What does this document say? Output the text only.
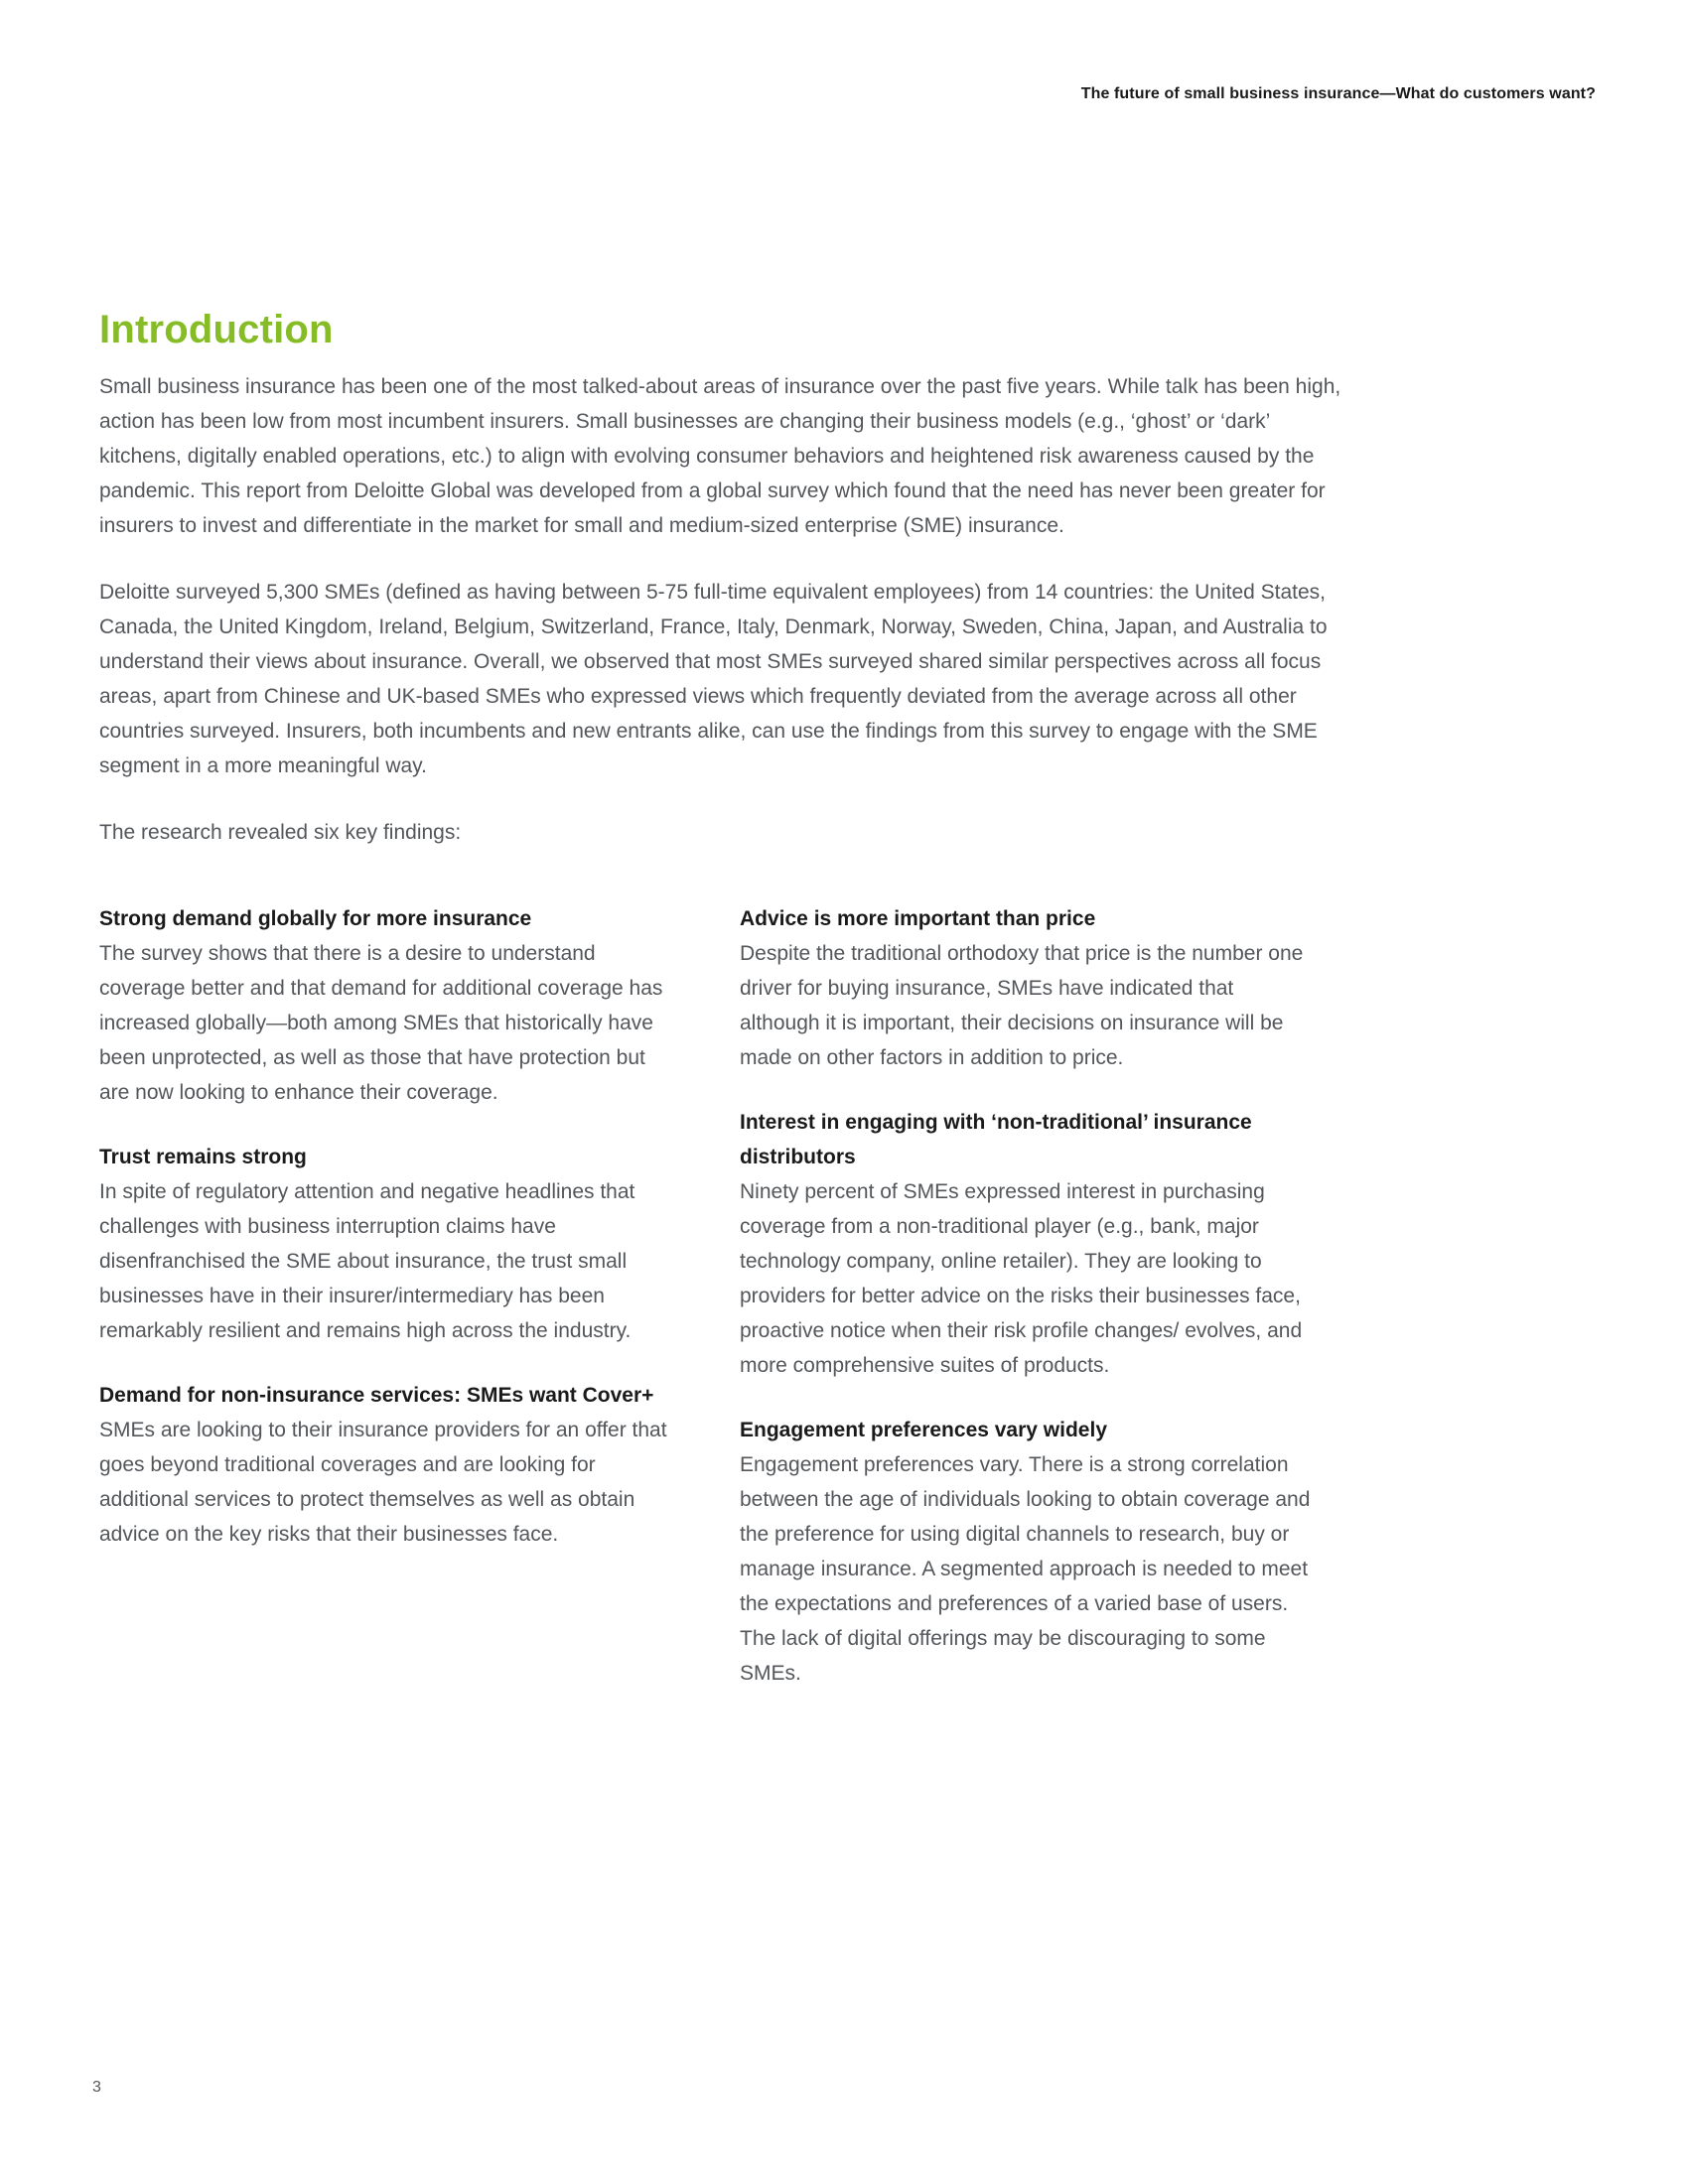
The future of small business insurance—What do customers want?
Introduction

Small business insurance has been one of the most talked-about areas of insurance over the past five years. While talk has been high, action has been low from most incumbent insurers. Small businesses are changing their business models (e.g., ‘ghost’ or ‘dark’ kitchens, digitally enabled operations, etc.) to align with evolving consumer behaviors and heightened risk awareness caused by the pandemic. This report from Deloitte Global was developed from a global survey which found that the need has never been greater for insurers to invest and differentiate in the market for small and medium-sized enterprise (SME) insurance.

Deloitte surveyed 5,300 SMEs (defined as having between 5-75 full-time equivalent employees) from 14 countries: the United States, Canada, the United Kingdom, Ireland, Belgium, Switzerland, France, Italy, Denmark, Norway, Sweden, China, Japan, and Australia to understand their views about insurance. Overall, we observed that most SMEs surveyed shared similar perspectives across all focus areas, apart from Chinese and UK-based SMEs who expressed views which frequently deviated from the average across all other countries surveyed. Insurers, both incumbents and new entrants alike, can use the findings from this survey to engage with the SME segment in a more meaningful way.

The research revealed six key findings:

Strong demand globally for more insurance

The survey shows that there is a desire to understand coverage better and that demand for additional coverage has increased globally—both among SMEs that historically have been unprotected, as well as those that have protection but are now looking to enhance their coverage.

Trust remains strong

In spite of regulatory attention and negative headlines that challenges with business interruption claims have disenfranchised the SME about insurance, the trust small businesses have in their insurer/intermediary has been remarkably resilient and remains high across the industry.

Demand for non-insurance services: SMEs want Cover+

SMEs are looking to their insurance providers for an offer that goes beyond traditional coverages and are looking for additional services to protect themselves as well as obtain advice on the key risks that their businesses face.

Advice is more important than price

Despite the traditional orthodoxy that price is the number one driver for buying insurance, SMEs have indicated that although it is important, their decisions on insurance will be made on other factors in addition to price.

Interest in engaging with ‘non-traditional’ insurance distributors

Ninety percent of SMEs expressed interest in purchasing coverage from a non-traditional player (e.g., bank, major technology company, online retailer). They are looking to providers for better advice on the risks their businesses face, proactive notice when their risk profile changes/ evolves, and more comprehensive suites of products.

Engagement preferences vary widely

Engagement preferences vary. There is a strong correlation between the age of individuals looking to obtain coverage and the preference for using digital channels to research, buy or manage insurance. A segmented approach is needed to meet the expectations and preferences of a varied base of users. The lack of digital offerings may be discouraging to some SMEs.

3
